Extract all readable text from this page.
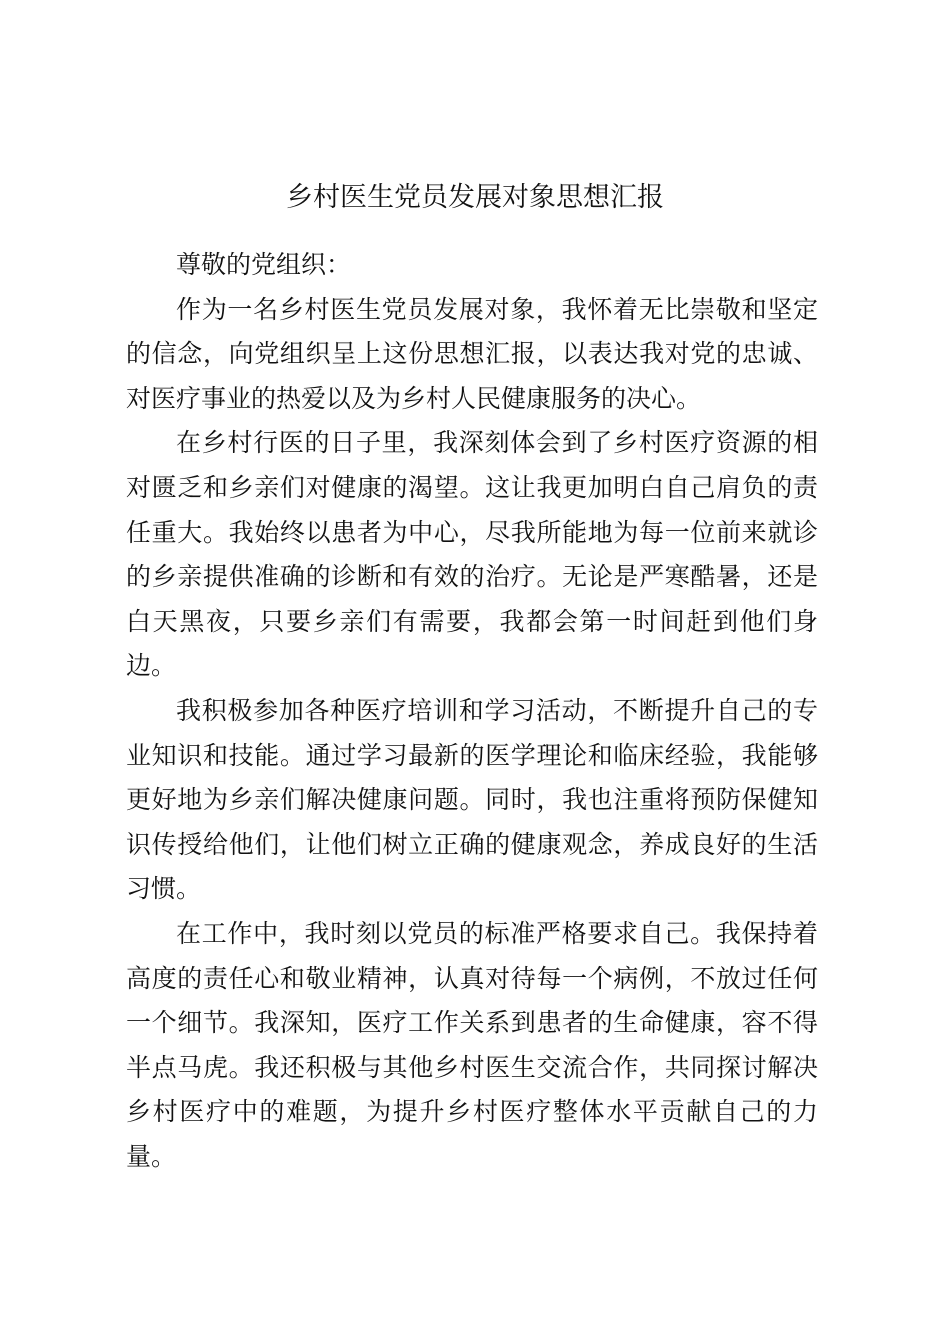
乡村医生党员发展对象思想汇报

尊敬的党组织：

作为一名乡村医生党员发展对象，我怀着无比崇敬和坚定的信念，向党组织呈上这份思想汇报，以表达我对党的忠诚、对医疗事业的热爱以及为乡村人民健康服务的决心。

在乡村行医的日子里，我深刻体会到了乡村医疗资源的相对匮乏和乡亲们对健康的渴望。这让我更加明白自己肩负的责任重大。我始终以患者为中心，尽我所能地为每一位前来就诊的乡亲提供准确的诊断和有效的治疗。无论是严寒酷暑，还是白天黑夜，只要乡亲们有需要，我都会第一时间赶到他们身边。

我积极参加各种医疗培训和学习活动，不断提升自己的专业知识和技能。通过学习最新的医学理论和临床经验，我能够更好地为乡亲们解决健康问题。同时，我也注重将预防保健知识传授给他们，让他们树立正确的健康观念，养成良好的生活习惯。

在工作中，我时刻以党员的标准严格要求自己。我保持着高度的责任心和敬业精神，认真对待每一个病例，不放过任何一个细节。我深知，医疗工作关系到患者的生命健康，容不得半点马虎。我还积极与其他乡村医生交流合作，共同探讨解决乡村医疗中的难题，为提升乡村医疗整体水平贡献自己的力量。
